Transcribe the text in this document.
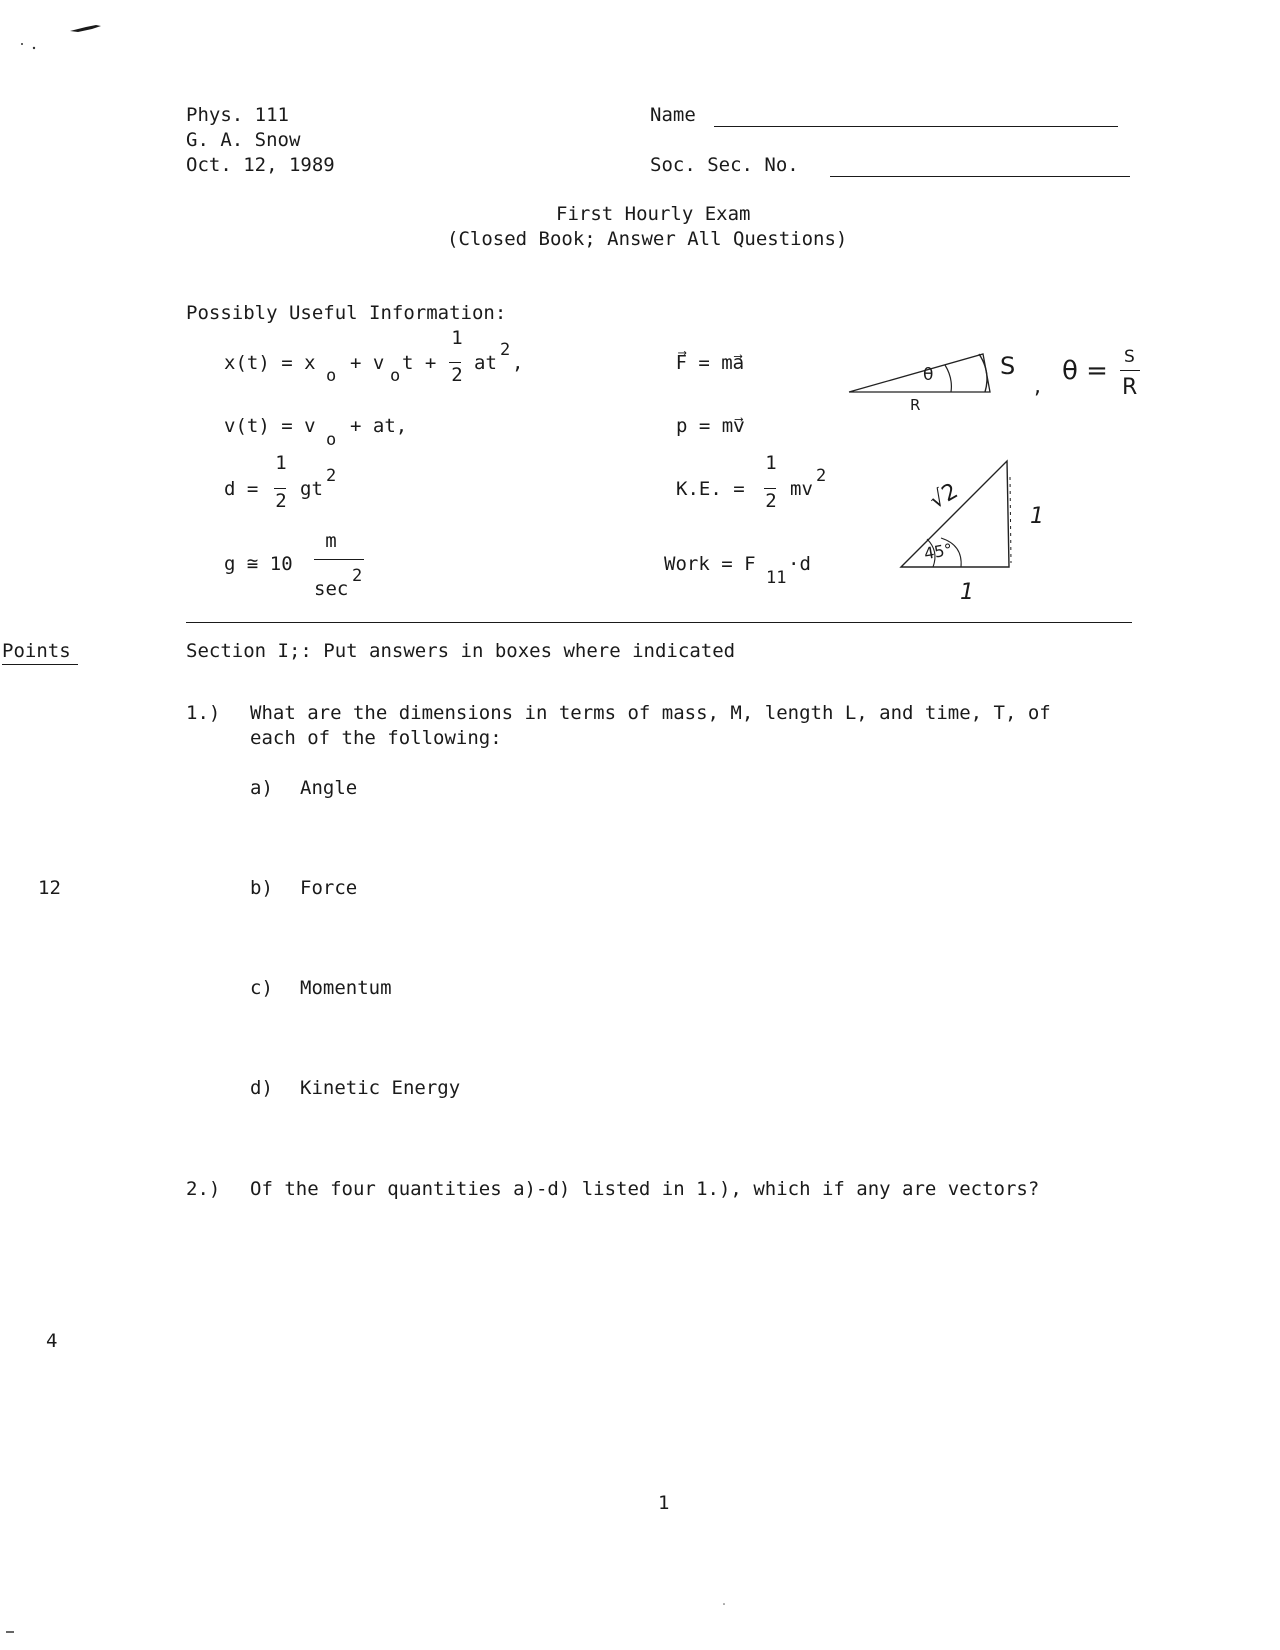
Phys. 111
G. A. Snow
Oct. 12, 1989
Name
Soc. Sec. No.
First Hourly Exam
(Closed Book; Answer All Questions)
Possibly Useful Information:
x(t) = x
o
+ v
o
t +
1
2
at
2
,
v(t) = v
o
+ at,
d =
1
2
gt
2
g ≅ 10
m
sec
2
F⃗ = ma⃗
p = mv⃗
K.E. =
1
2
mv
2
Work = F
11
·d
θ	S
R
,
θ = S
R
√2
1
1
45°
Points	Section I;: Put answers in boxes where indicated
1.) What are the dimensions in terms of mass, M, length L, and time, T, of
each of the following:
a) Angle
12	b) Force
c) Momentum
d) Kinetic Energy
2.) Of the four quantities a)-d) listed in 1.), which if any are vectors?
4
1
